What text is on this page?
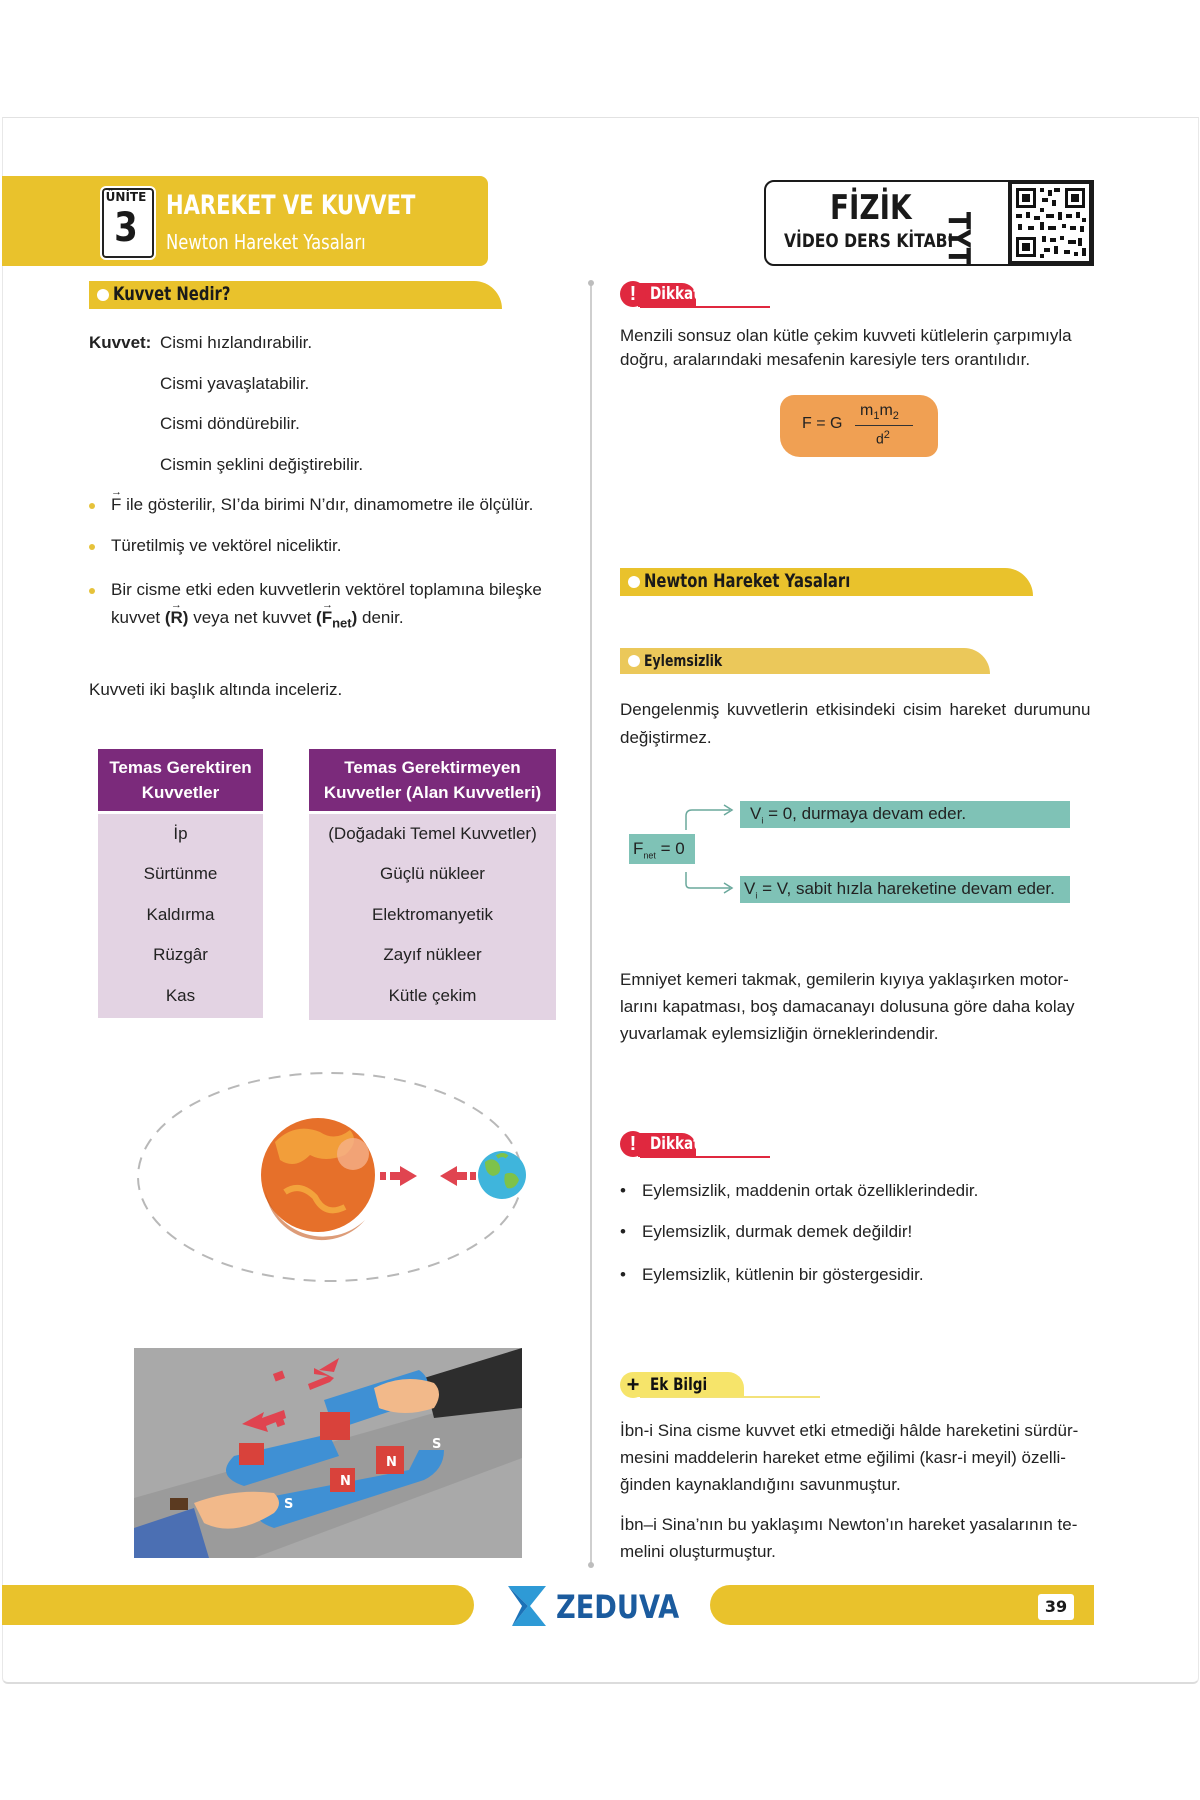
ÜNİTE
3	HAREKET VE KUVVET
Newton Hareket Yasaları
FİZİK
VİDEO DERS KİTABI
TYT
Kuvvet Nedir?
Kuvvet: Cismi hızlandırabilir.
Cismi yavaşlatabilir.
Cismi döndürebilir.
Cismin şeklini değiştirebilir.
F
→
ile gösterilir, SI’da birimi N’dır, dinamometre ile ölçülür.
Türetilmiş ve vektörel niceliktir.
Bir cisme etki eden kuvvetlerin vektörel toplamına bileşke
kuvvet (R)
→
veya net kuvvet $(F_{net})$
→
denir.
Kuvveti iki başlık altında inceleriz.
Temas Gerektiren
Kuvvetler
İp
Sürtünme
Kaldırma
Rüzgâr
Kas
Temas Gerektirmeyen
Kuvvetler (Alan Kuvvetleri)
(Doğadaki Temel Kuvvetler)
Güçlü nükleer
Elektromanyetik
Zayıf nükleer
Kütle çekim
S
N
N
S
! Dikkat
Menzili sonsuz olan kütle çekim kuvveti kütlelerin çarpımıyla
doğru, aralarındaki mesafenin karesiyle ters orantılıdır.
F = G
$m_1m_2$
$d^2$
Newton Hareket Yasaları
Eylemsizlik
Dengelenmiş kuvvetlerin etkisindeki cisim hareket durumunu
değiştirmez.
$F_{net} = 0$
$V_i = 0$, durmaya devam eder.
$V_i = V$, sabit hızla hareketine devam eder.
Emniyet kemeri takmak, gemilerin kıyıya yaklaşırken motor-
larını kapatması, boş damacanayı dolusuna göre daha kolay
yuvarlamak eylemsizliğin örneklerindendir.
! Dikkat
• Eylemsizlik, maddenin ortak özelliklerindedir.
• Eylemsizlik, durmak demek değildir!
• Eylemsizlik, kütlenin bir göstergesidir.
+ Ek Bilgi
İbn-i Sina cisme kuvvet etki etmediği hâlde hareketini sürdür-
mesini maddelerin hareket etme eğilimi (kasr-i meyil) özelli-
ğinden kaynaklandığını savunmuştur.
İbn–i Sina’nın bu yaklaşımı Newton’ın hareket yasalarının te-
melini oluşturmuştur.
ZEDUVA	39
